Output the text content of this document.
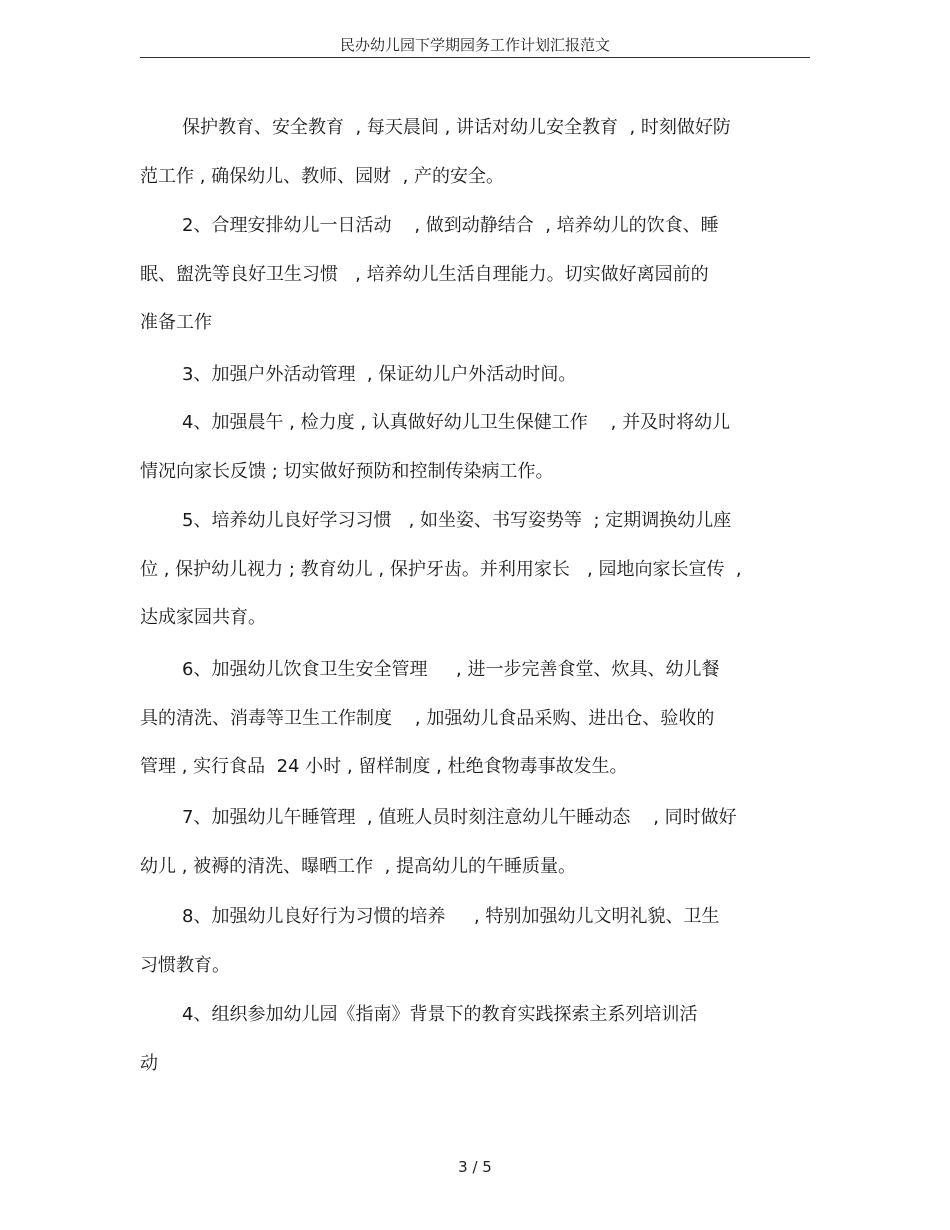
民办幼儿园下学期园务工作计划汇报范文
保护教育、安全教育  , 每天晨间 , 讲话对幼儿安全教育  , 时刻做好防
范工作 , 确保幼儿、教师、园财  , 产的安全。
2、合理安排幼儿一日活动    , 做到动静结合  , 培养幼儿的饮食、睡
眠、盥洗等良好卫生习惯   , 培养幼儿生活自理能力。切实做好离园前的
准备工作
3、加强户外活动管理  , 保证幼儿户外活动时间。
4、加强晨午 , 检力度 , 认真做好幼儿卫生保健工作    , 并及时将幼儿
情况向家长反馈 ; 切实做好预防和控制传染病工作。
5、培养幼儿良好学习习惯   , 如坐姿、书写姿势等  ; 定期调换幼儿座
位 , 保护幼儿视力 ; 教育幼儿 , 保护牙齿。并利用家长   , 园地向家长宣传  ,
达成家园共育。
6、加强幼儿饮食卫生安全管理     , 进一步完善食堂、炊具、幼儿餐
具的清洗、消毒等卫生工作制度    , 加强幼儿食品采购、进出仓、验收的
管理 , 实行食品  24 小时 , 留样制度 , 杜绝食物毒事故发生。
7、加强幼儿午睡管理  , 值班人员时刻注意幼儿午睡动态    , 同时做好
幼儿 , 被褥的清洗、曝晒工作  , 提高幼儿的午睡质量。
8、加强幼儿良好行为习惯的培养     , 特别加强幼儿文明礼貌、卫生
习惯教育。
4、组织参加幼儿园《指南》背景下的教育实践探索主系列培训活
动
3 / 5
